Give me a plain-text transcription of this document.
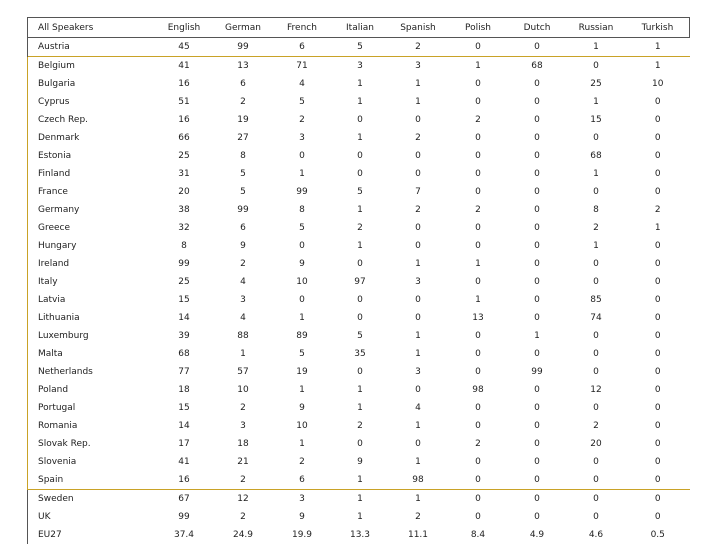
All Speakers	English	German	French	Italian	Spanish	Polish	Dutch	Russian	Turkish
Austria	45	99	6	5	2	0	0	1	1
Belgium	41	13	71	3	3	1	68	0	1
Bulgaria	16	6	4	1	1	0	0	25	10
Cyprus	51	2	5	1	1	0	0	1	0
Czech Rep.	16	19	2	0	0	2	0	15	0
Denmark	66	27	3	1	2	0	0	0	0
Estonia	25	8	0	0	0	0	0	68	0
Finland	31	5	1	0	0	0	0	1	0
France	20	5	99	5	7	0	0	0	0
Germany	38	99	8	1	2	2	0	8	2
Greece	32	6	5	2	0	0	0	2	1
Hungary	8	9	0	1	0	0	0	1	0
Ireland	99	2	9	0	1	1	0	0	0
Italy	25	4	10	97	3	0	0	0	0
Latvia	15	3	0	0	0	1	0	85	0
Lithuania	14	4	1	0	0	13	0	74	0
Luxemburg	39	88	89	5	1	0	1	0	0
Malta	68	1	5	35	1	0	0	0	0
Netherlands	77	57	19	0	3	0	99	0	0
Poland	18	10	1	1	0	98	0	12	0
Portugal	15	2	9	1	4	0	0	0	0
Romania	14	3	10	2	1	0	0	2	0
Slovak Rep.	17	18	1	0	0	2	0	20	0
Slovenia	41	21	2	9	1	0	0	0	0
Spain	16	2	6	1	98	0	0	0	0
Sweden	67	12	3	1	1	0	0	0	0
UK	99	2	9	1	2	0	0	0	0
EU27	37.4	24.9	19.9	13.3	11.1	8.4	4.9	4.6	0.5
